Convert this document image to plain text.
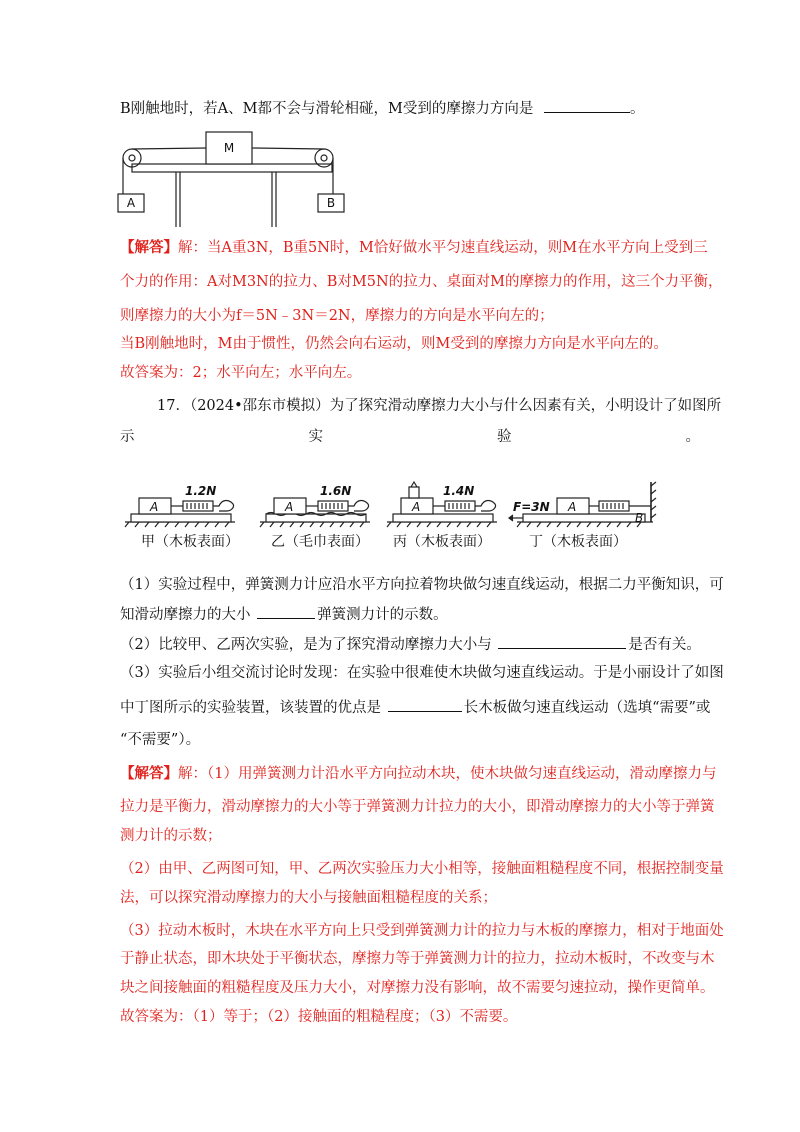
B刚触地时，若A、M都不会与滑轮相碰，M受到的摩擦力方向是	。
M
A	B
【解答】解：当A重3N，B重5N时，M恰好做水平匀速直线运动，则M在水平方向上受到三
个力的作用：A对M3N的拉力、B对M5N的拉力、桌面对M的摩擦力的作用，这三个力平衡，
则摩擦力的大小为f＝5N﹣3N＝2N，摩擦力的方向是水平向左的；
当B刚触地时，M由于惯性，仍然会向右运动，则M受到的摩擦力方向是水平向左的。
故答案为：2；水平向左；水平向左。
17．（2024•邵东市模拟）为了探究滑动摩擦力大小与什么因素有关，小明设计了如图所
示	实	验	。
1.2N	1.6N	1.4N
F=3N
A	A	A	A
B
甲（木板表面） 乙（毛巾表面） 丙（木板表面）	丁（木板表面）
（1）实验过程中，弹簧测力计应沿水平方向拉着物块做匀速直线运动，根据二力平衡知识，可
知滑动摩擦力的大小	弹簧测力计的示数。
（2）比较甲、乙两次实验，是为了探究滑动摩擦力大小与	是否有关。
（3）实验后小组交流讨论时发现：在实验中很难使木块做匀速直线运动。于是小丽设计了如图
中丁图所示的实验装置，该装置的优点是	长木板做匀速直线运动（选填“需要”或
“不需要”）。
【解答】解：（1）用弹簧测力计沿水平方向拉动木块，使木块做匀速直线运动，滑动摩擦力与
拉力是平衡力，滑动摩擦力的大小等于弹簧测力计拉力的大小，即滑动摩擦力的大小等于弹簧
测力计的示数；
（2）由甲、乙两图可知，甲、乙两次实验压力大小相等，接触面粗糙程度不同，根据控制变量
法，可以探究滑动摩擦力的大小与接触面粗糙程度的关系；
（3）拉动木板时，木块在水平方向上只受到弹簧测力计的拉力与木板的摩擦力，相对于地面处
于静止状态，即木块处于平衡状态，摩擦力等于弹簧测力计的拉力，拉动木板时，不改变与木
块之间接触面的粗糙程度及压力大小，对摩擦力没有影响，故不需要匀速拉动，操作更简单。
故答案为：（1）等于；（2）接触面的粗糙程度；（3）不需要。
